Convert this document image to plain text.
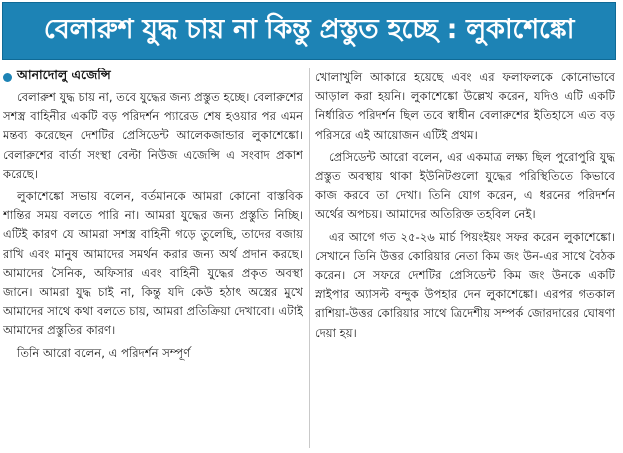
বেলারুশ যুদ্ধ চায় না কিন্তু প্রস্তুত হচ্ছে : লুকাশেঙ্কো
আনাদোলু এজেন্সি

বেলারুশ যুদ্ধ চায় না, তবে যুদ্ধের জন্য প্রস্তুত হচ্ছে। বেলারুশের সশস্ত্র বাহিনীর একটি বড় পরিদর্শন প্যারেড শেষ হওয়ার পর এমন মন্তব্য করেছেন দেশটির প্রেসিডেন্ট আলেকজান্ডার লুকাশেঙ্কো। বেলারুশের বার্তা সংস্থা বেল্টা নিউজ এজেন্সি এ সংবাদ প্রকাশ করেছে।

লুকাশেঙ্কো সভায় বলেন, বর্তমানকে আমরা কোনো বাস্তবিক শান্তির সময় বলতে পারি না। আমরা যুদ্ধের জন্য প্রস্তুতি নিচ্ছি। এটিই কারণ যে আমরা সশস্ত্র বাহিনী গড়ে তুলেছি, তাদের বজায় রাখি এবং মানুষ আমাদের সমর্থন করার জন্য অর্থ প্রদান করছে। আমাদের সৈনিক, অফিসার এবং বাহিনী যুদ্ধের প্রকৃত অবস্থা জানে। আমরা যুদ্ধ চাই না, কিন্তু যদি কেউ হঠাৎ অস্ত্রের মুখে আমাদের সাথে কথা বলতে চায়, আমরা প্রতিক্রিয়া দেখাবো। এটাই আমাদের প্রস্তুতির কারণ।

তিনি আরো বলেন, এ পরিদর্শন সম্পূর্ণ

খোলাখুলি আকারে হয়েছে এবং এর ফলাফলকে কোনোভাবে আড়াল করা হয়নি। লুকাশেঙ্কো উল্লেখ করেন, যদিও এটি একটি নির্ধারিত পরিদর্শন ছিল তবে স্বাধীন বেলারুশের ইতিহাসে এত বড় পরিসরে এই আয়োজন এটিই প্রথম।

প্রেসিডেন্ট আরো বলেন, এর একমাত্র লক্ষ্য ছিল পুরোপুরি যুদ্ধ প্রস্তুত অবস্থায় থাকা ইউনিটগুলো যুদ্ধের পরিস্থিতিতে কিভাবে কাজ করবে তা দেখা। তিনি যোগ করেন, এ ধরনের পরিদর্শন অর্থের অপচয়। আমাদের অতিরিক্ত তহবিল নেই।

এর আগে গত ২৫-২৬ মার্চ পিয়ংইয়ং সফর করেন লুকাশেঙ্কো। সেখানে তিনি উত্তর কোরিয়ার নেতা কিম জং উন-এর সাথে বৈঠক করেন। সে সফরে দেশটির প্রেসিডেন্ট কিম জং উনকে একটি স্নাইপার অ্যাসল্ট বন্দুক উপহার দেন লুকাশেঙ্কো। এরপর গতকাল রাশিয়া-উত্তর কোরিয়ার সাথে ত্রিদেশীয় সম্পর্ক জোরদারের ঘোষণা দেয়া হয়।
